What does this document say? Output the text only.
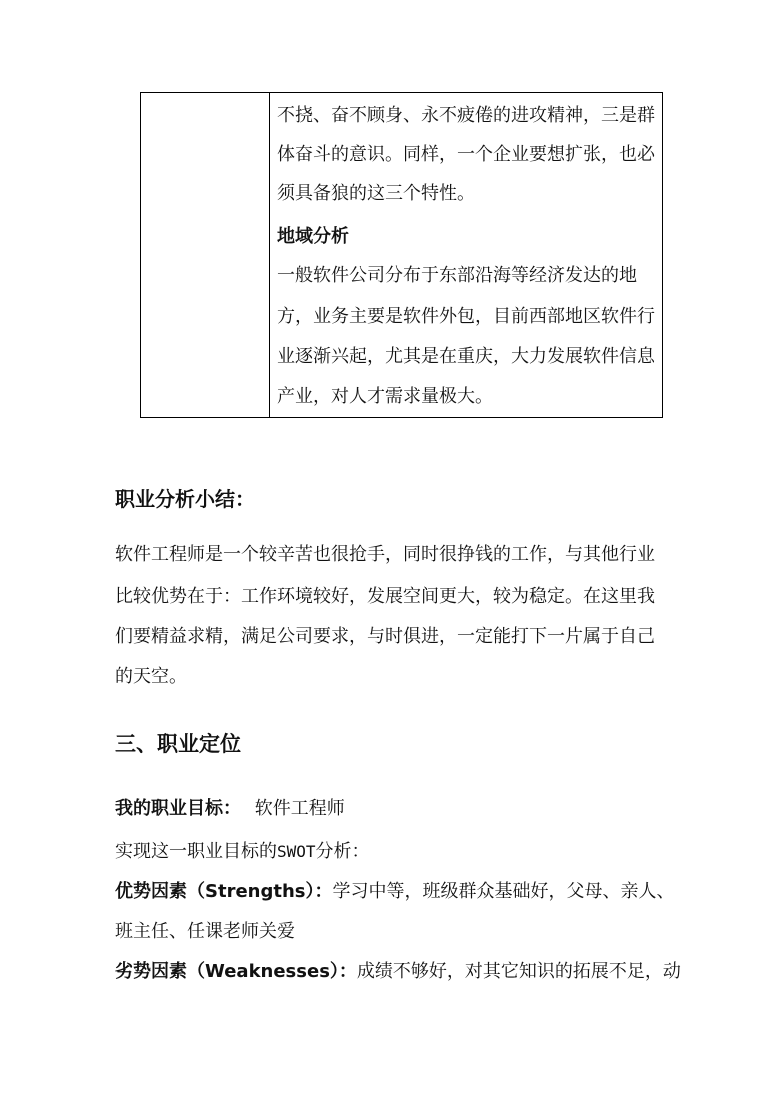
不挠、奋不顾身、永不疲倦的进攻精神，三是群
体奋斗的意识。同样，一个企业要想扩张，也必
须具备狼的这三个特性。
地域分析
一般软件公司分布于东部沿海等经济发达的地
方，业务主要是软件外包，目前西部地区软件行
业逐渐兴起，尤其是在重庆，大力发展软件信息
产业，对人才需求量极大。
职业分析小结：
软件工程师是一个较辛苦也很抢手，同时很挣钱的工作，与其他行业
比较优势在于：工作环境较好，发展空间更大，较为稳定。在这里我
们要精益求精，满足公司要求，与时俱进，一定能打下一片属于自己
的天空。
三、职业定位
我的职业目标： 软件工程师
实现这一职业目标的SWOT分析：
优势因素（Strengths）：学习中等，班级群众基础好，父母、亲人、
班主任、任课老师关爱
劣势因素（Weaknesses）：成绩不够好，对其它知识的拓展不足，动
